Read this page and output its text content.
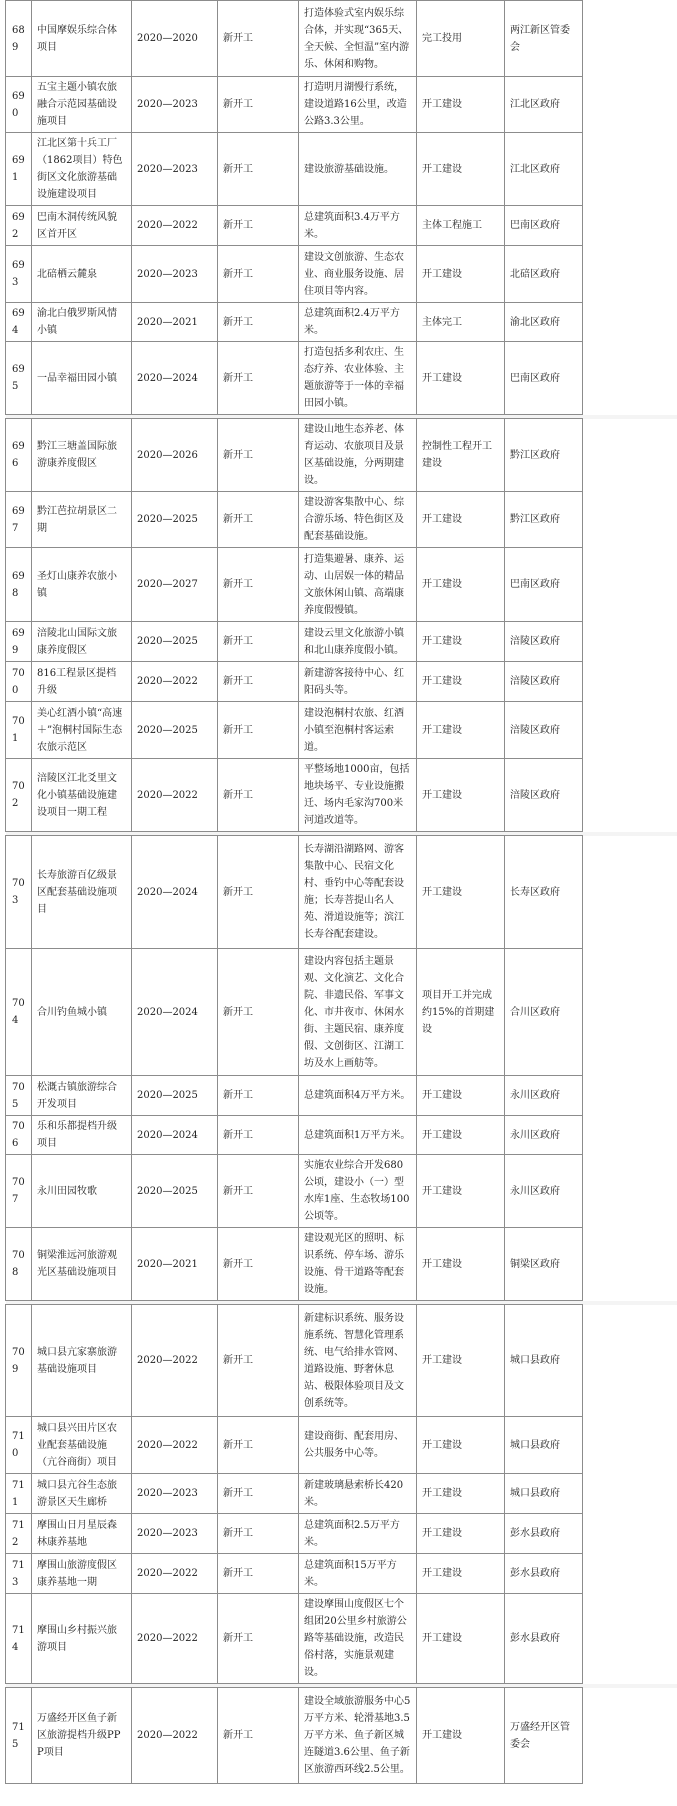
689	中国摩娱乐综合体项目	2020—2020	新开工	打造体验式室内娱乐综合体，并实现“365天、全天候、全恒温”室内游乐、休闲和购物。	完工投用	两江新区管委会
690	五宝主题小镇农旅融合示范园基础设施项目	2020—2023	新开工	打造明月湖慢行系统，建设道路16公里，改造公路3.3公里。	开工建设	江北区政府
691	江北区第十兵工厂（1862项目）特色街区文化旅游基础设施建设项目	2020—2023	新开工	建设旅游基础设施。	开工建设	江北区政府
692	巴南木洞传统风貌区首开区	2020—2022	新开工	总建筑面积3.4万平方米。	主体工程施工	巴南区政府
693	北碚栖云麓泉	2020—2023	新开工	建设文创旅游、生态农业、商业服务设施、居住项目等内容。	开工建设	北碚区政府
694	渝北白俄罗斯风情小镇	2020—2021	新开工	总建筑面积2.4万平方米。	主体完工	渝北区政府
695	一品幸福田园小镇	2020—2024	新开工	打造包括多利农庄、生态疗养、农业体验、主题旅游等于一体的幸福田园小镇。	开工建设	巴南区政府

696	黔江三塘盖国际旅游康养度假区	2020—2026	新开工	建设山地生态养老、体育运动、农旅项目及景区基础设施，分两期建设。	控制性工程开工建设	黔江区政府
697	黔江芭拉胡景区二期	2020—2025	新开工	建设游客集散中心、综合游乐场、特色街区及配套基础设施。	开工建设	黔江区政府
698	圣灯山康养农旅小镇	2020—2027	新开工	打造集避暑、康养、运动、山居娱一体的精品文旅休闲山镇、高端康养度假慢镇。	开工建设	巴南区政府
699	涪陵北山国际文旅康养度假区	2020—2025	新开工	建设云里文化旅游小镇和北山康养度假小镇。	开工建设	涪陵区政府
700	816工程景区提档升级	2020—2022	新开工	新建游客接待中心、红阳码头等。	开工建设	涪陵区政府
701	美心红酒小镇“高速＋”泡桐村国际生态农旅示范区	2020—2025	新开工	建设泡桐村农旅、红酒小镇至泡桐村客运索道。	开工建设	涪陵区政府
702	涪陵区江北爻里文化小镇基础设施建设项目一期工程	2020—2022	新开工	平整场地1000亩，包括地块场平、专业设施搬迁、场内毛家沟700米河道改道等。	开工建设	涪陵区政府

703	长寿旅游百亿级景区配套基础设施项目	2020—2024	新开工	长寿湖沿湖路网、游客集散中心、民宿文化村、垂钓中心等配套设施；长寿菩提山名人苑、滑道设施等；滨江长寿谷配套建设。	开工建设	长寿区政府
704	合川钓鱼城小镇	2020—2024	新开工	建设内容包括主题景观、文化演艺、文化合院、非遗民俗、军事文化、市井夜市、休闲水街、主题民宿、康养度假、文创街区、江湖工坊及水上画舫等。	项目开工并完成约15%的首期建设	合川区政府
705	松溉古镇旅游综合开发项目	2020—2025	新开工	总建筑面积4万平方米。	开工建设	永川区政府
706	乐和乐都提档升级项目	2020—2024	新开工	总建筑面积1万平方米。	开工建设	永川区政府
707	永川田园牧歌	2020—2025	新开工	实施农业综合开发680公顷，建设小（一）型水库1座、生态牧场100公顷等。	开工建设	永川区政府
708	铜梁淮远河旅游观光区基础设施项目	2020—2021	新开工	建设观光区的照明、标识系统、停车场、游乐设施、骨干道路等配套设施。	开工建设	铜梁区政府

709	城口县亢家寨旅游基础设施项目	2020—2022	新开工	新建标识系统、服务设施系统、智慧化管理系统、电气给排水管网、道路设施、野奢休息站、极限体验项目及文创系统等。	开工建设	城口县政府
710	城口县兴田片区农业配套基础设施（亢谷商街）项目	2020—2022	新开工	建设商街、配套用房、公共服务中心等。	开工建设	城口县政府
711	城口县亢谷生态旅游景区天生廊桥	2020—2023	新开工	新建玻璃悬索桥长420米。	开工建设	城口县政府
712	摩围山日月星辰森林康养基地	2020—2023	新开工	总建筑面积2.5万平方米。	开工建设	彭水县政府
713	摩围山旅游度假区康养基地一期	2020—2022	新开工	总建筑面积15万平方米。	开工建设	彭水县政府
714	摩围山乡村振兴旅游项目	2020—2022	新开工	建设摩围山度假区七个组团20公里乡村旅游公路等基础设施，改造民俗村落，实施景观建设。	开工建设	彭水县政府

715	万盛经开区鱼子新区旅游提档升级PPP项目	2020—2022	新开工	建设全域旅游服务中心5万平方米、轮滑基地3.5万平方米、鱼子新区城连隧道3.6公里、鱼子新区旅游西环线2.5公里。	开工建设	万盛经开区管委会
